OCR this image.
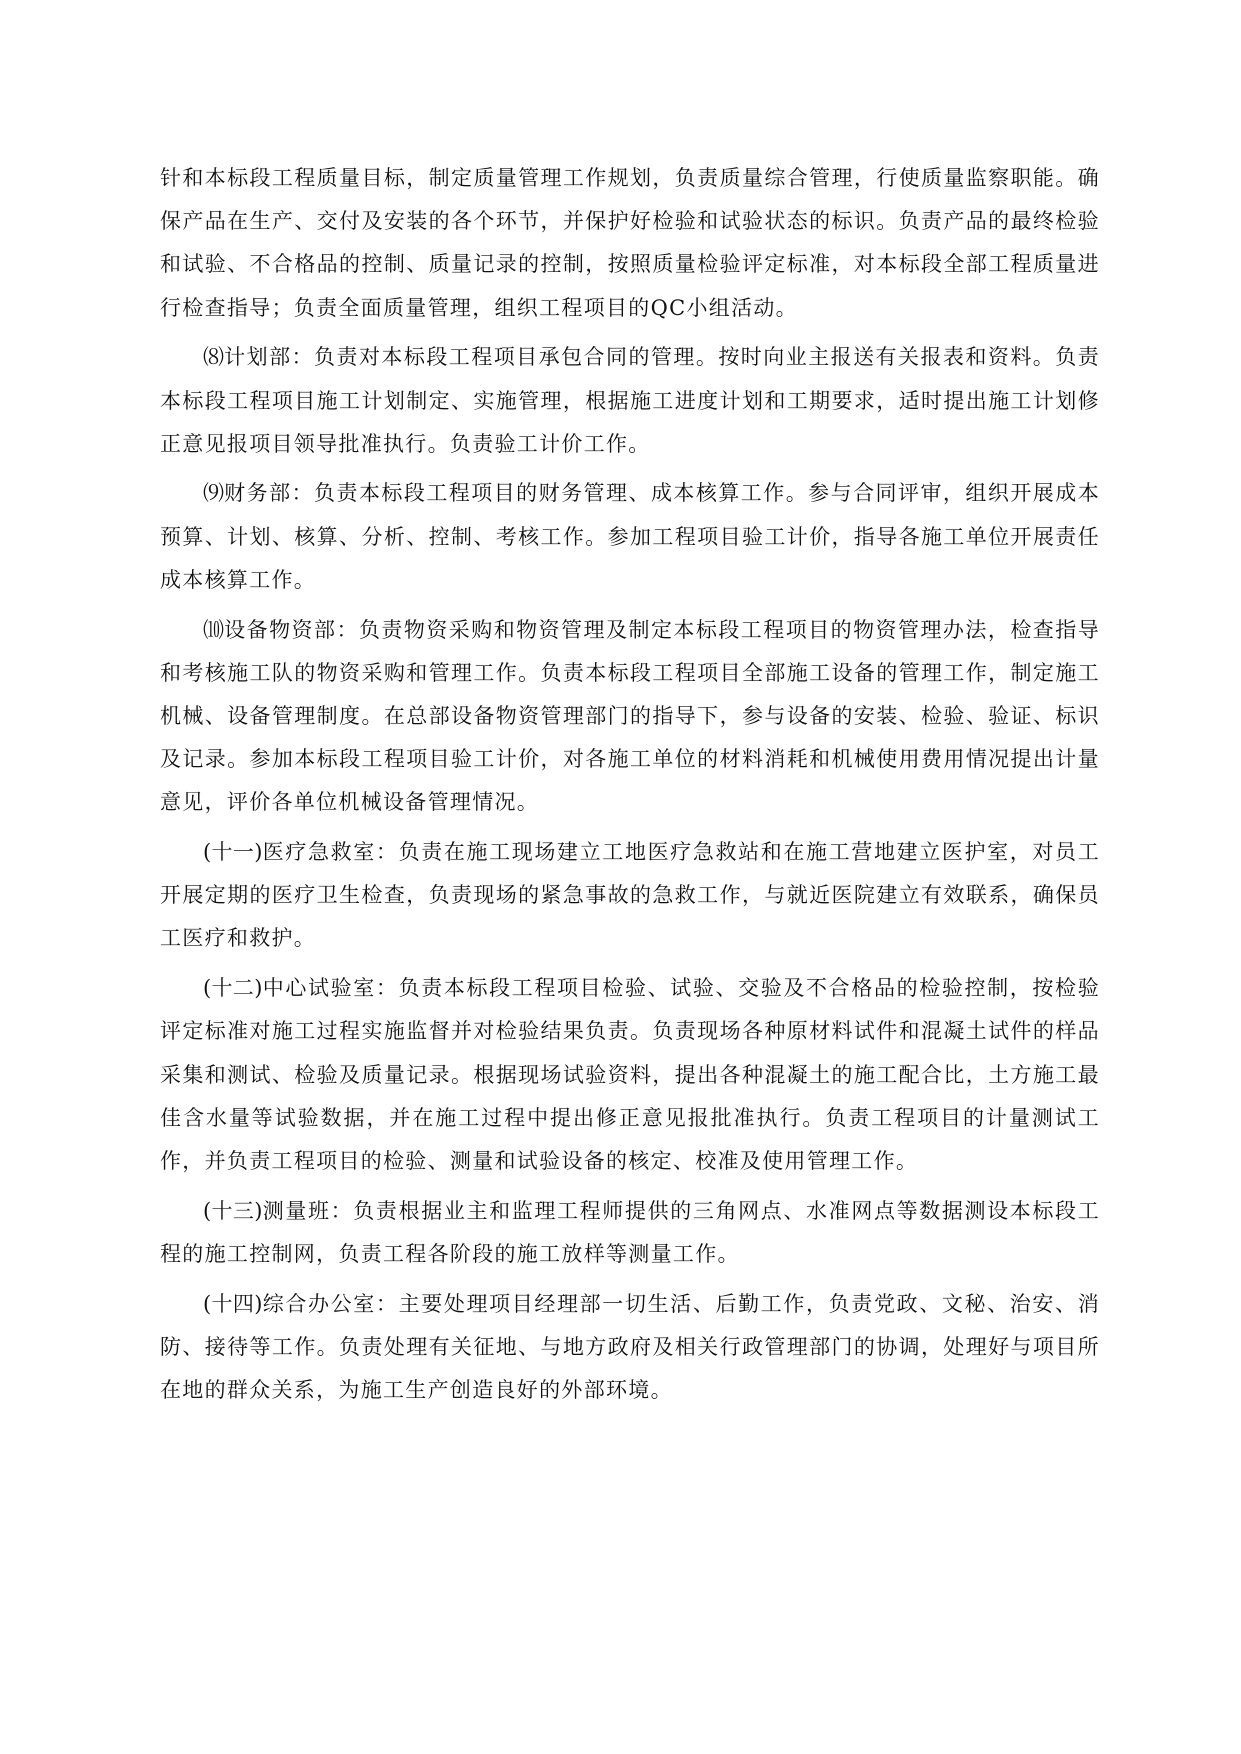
针和本标段工程质量目标，制定质量管理工作规划，负责质量综合管理，行使质量监察职能。确保产品在生产、交付及安装的各个环节，并保护好检验和试验状态的标识。负责产品的最终检验和试验、不合格品的控制、质量记录的控制，按照质量检验评定标准，对本标段全部工程质量进行检查指导；负责全面质量管理，组织工程项目的QC小组活动。

⑻计划部：负责对本标段工程项目承包合同的管理。按时向业主报送有关报表和资料。负责本标段工程项目施工计划制定、实施管理，根据施工进度计划和工期要求，适时提出施工计划修正意见报项目领导批准执行。负责验工计价工作。

⑼财务部：负责本标段工程项目的财务管理、成本核算工作。参与合同评审，组织开展成本预算、计划、核算、分析、控制、考核工作。参加工程项目验工计价，指导各施工单位开展责任成本核算工作。

⑽设备物资部：负责物资采购和物资管理及制定本标段工程项目的物资管理办法，检查指导和考核施工队的物资采购和管理工作。负责本标段工程项目全部施工设备的管理工作，制定施工机械、设备管理制度。在总部设备物资管理部门的指导下，参与设备的安装、检验、验证、标识及记录。参加本标段工程项目验工计价，对各施工单位的材料消耗和机械使用费用情况提出计量意见，评价各单位机械设备管理情况。

(十一)医疗急救室：负责在施工现场建立工地医疗急救站和在施工营地建立医护室，对员工开展定期的医疗卫生检查，负责现场的紧急事故的急救工作，与就近医院建立有效联系，确保员工医疗和救护。

(十二)中心试验室：负责本标段工程项目检验、试验、交验及不合格品的检验控制，按检验评定标准对施工过程实施监督并对检验结果负责。负责现场各种原材料试件和混凝土试件的样品采集和测试、检验及质量记录。根据现场试验资料，提出各种混凝土的施工配合比，土方施工最佳含水量等试验数据，并在施工过程中提出修正意见报批准执行。负责工程项目的计量测试工作，并负责工程项目的检验、测量和试验设备的核定、校准及使用管理工作。

(十三)测量班：负责根据业主和监理工程师提供的三角网点、水准网点等数据测设本标段工程的施工控制网，负责工程各阶段的施工放样等测量工作。

(十四)综合办公室：主要处理项目经理部一切生活、后勤工作，负责党政、文秘、治安、消防、接待等工作。负责处理有关征地、与地方政府及相关行政管理部门的协调，处理好与项目所在地的群众关系，为施工生产创造良好的外部环境。
